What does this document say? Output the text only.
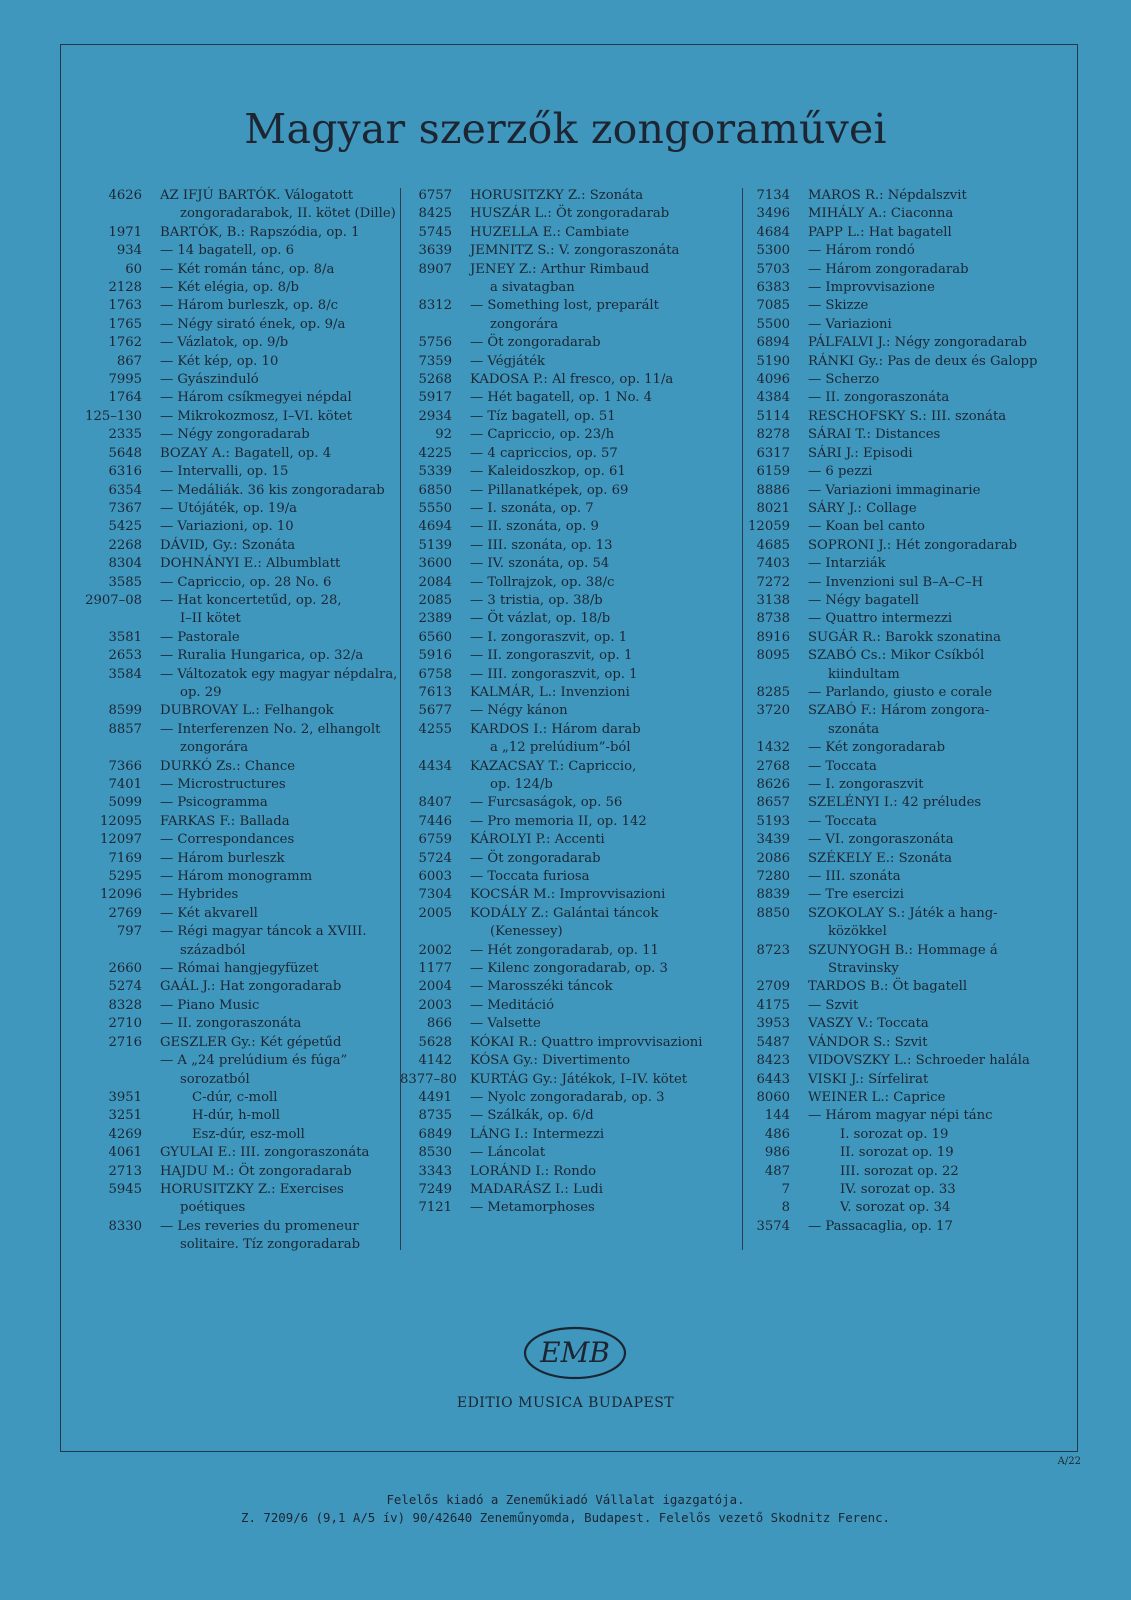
Magyar szerzők zongoraművei
4626	AZ IFJÚ BARTÓK. Válogatott
zongoradarabok, II. kötet (Dille)
1971	BARTÓK, B.: Rapszódia, op. 1
934	— 14 bagatell, op. 6
60	— Két román tánc, op. 8/a
2128	— Két elégia, op. 8/b
1763	— Három burleszk, op. 8/c
1765	— Négy sirató ének, op. 9/a
1762	— Vázlatok, op. 9/b
867	— Két kép, op. 10
7995	— Gyászinduló
1764	— Három csíkmegyei népdal
125–130	— Mikrokozmosz, I–VI. kötet
2335	— Négy zongoradarab
5648	BOZAY A.: Bagatell, op. 4
6316	— Intervalli, op. 15
6354	— Medáliák. 36 kis zongoradarab
7367	— Utójáték, op. 19/a
5425	— Variazioni, op. 10
2268	DÁVID, Gy.: Szonáta
8304	DOHNÁNYI E.: Albumblatt
3585	— Capriccio, op. 28 No. 6
2907–08	— Hat koncertetűd, op. 28,
I–II kötet
3581	— Pastorale
2653	— Ruralia Hungarica, op. 32/a
3584	— Változatok egy magyar népdalra,
op. 29
8599	DUBROVAY L.: Felhangok
8857	— Interferenzen No. 2, elhangolt
zongorára
7366	DURKÓ Zs.: Chance
7401	— Microstructures
5099	— Psicogramma
12095	FARKAS F.: Ballada
12097	— Correspondances
7169	— Három burleszk
5295	— Három monogramm
12096	— Hybrides
2769	— Két akvarell
797	— Régi magyar táncok a XVIII.
századból
2660	— Római hangjegyfüzet
5274	GAÁL J.: Hat zongoradarab
8328	— Piano Music
2710	— II. zongoraszonáta
2716	GESZLER Gy.: Két gépetűd
— A „24 prelúdium és fúga”
sorozatból
3951	C-dúr, c-moll
3251	H-dúr, h-moll
4269	Esz-dúr, esz-moll
4061	GYULAI E.: III. zongoraszonáta
2713	HAJDU M.: Öt zongoradarab
5945	HORUSITZKY Z.: Exercises
poétiques
8330	— Les reveries du promeneur
solitaire. Tíz zongoradarab
6757	HORUSITZKY Z.: Szonáta
8425	HUSZÁR L.: Öt zongoradarab
5745	HUZELLA E.: Cambiate
3639	JEMNITZ S.: V. zongoraszonáta
8907	JENEY Z.: Arthur Rimbaud
a sivatagban
8312	— Something lost, preparált
zongorára
5756	— Öt zongoradarab
7359	— Végjáték
5268	KADOSA P.: Al fresco, op. 11/a
5917	— Hét bagatell, op. 1 No. 4
2934	— Tíz bagatell, op. 51
92	— Capriccio, op. 23/h
4225	— 4 capriccios, op. 57
5339	— Kaleidoszkop, op. 61
6850	— Pillanatképek, op. 69
5550	— I. szonáta, op. 7
4694	— II. szonáta, op. 9
5139	— III. szonáta, op. 13
3600	— IV. szonáta, op. 54
2084	— Tollrajzok, op. 38/c
2085	— 3 tristia, op. 38/b
2389	— Öt vázlat, op. 18/b
6560	— I. zongoraszvit, op. 1
5916	— II. zongoraszvit, op. 1
6758	— III. zongoraszvit, op. 1
7613	KALMÁR, L.: Invenzioni
5677	— Négy kánon
4255	KARDOS I.: Három darab
a „12 prelúdium”-ból
4434	KAZACSAY T.: Capriccio,
op. 124/b
8407	— Furcsaságok, op. 56
7446	— Pro memoria II, op. 142
6759	KÁROLYI P.: Accenti
5724	— Öt zongoradarab
6003	— Toccata furiosa
7304	KOCSÁR M.: Improvvisazioni
2005	KODÁLY Z.: Galántai táncok
(Kenessey)
2002	— Hét zongoradarab, op. 11
1177	— Kilenc zongoradarab, op. 3
2004	— Marosszéki táncok
2003	— Meditáció
866	— Valsette
5628	KÓKAI R.: Quattro improvvisazioni
4142	KÓSA Gy.: Divertimento
8377–80 KURTÁG Gy.: Játékok, I–IV. kötet
4491	— Nyolc zongoradarab, op. 3
8735	— Szálkák, op. 6/d
6849	LÁNG I.: Intermezzi
8530	— Láncolat
3343	LORÁND I.: Rondo
7249	MADARÁSZ I.: Ludi
7121	— Metamorphoses
7134	MAROS R.: Népdalszvit
3496	MIHÁLY A.: Ciaconna
4684	PAPP L.: Hat bagatell
5300	— Három rondó
5703	— Három zongoradarab
6383	— Improvvisazione
7085	— Skizze
5500	— Variazioni
6894	PÁLFALVI J.: Négy zongoradarab
5190	RÁNKI Gy.: Pas de deux és Galopp
4096	— Scherzo
4384	— II. zongoraszonáta
5114	RESCHOFSKY S.: III. szonáta
8278	SÁRAI T.: Distances
6317	SÁRI J.: Episodi
6159	— 6 pezzi
8886	— Variazioni immaginarie
8021	SÁRY J.: Collage
12059	— Koan bel canto
4685	SOPRONI J.: Hét zongoradarab
7403	— Intarziák
7272	— Invenzioni sul B–A–C–H
3138	— Négy bagatell
8738	— Quattro intermezzi
8916	SUGÁR R.: Barokk szonatina
8095	SZABÓ Cs.: Mikor Csíkból
kiindultam
8285	— Parlando, giusto e corale
3720	SZABÓ F.: Három zongora-
szonáta
1432	— Két zongoradarab
2768	— Toccata
8626	— I. zongoraszvit
8657	SZELÉNYI I.: 42 préludes
5193	— Toccata
3439	— VI. zongoraszonáta
2086	SZÉKELY E.: Szonáta
7280	— III. szonáta
8839	— Tre esercizi
8850	SZOKOLAY S.: Játék a hang-
közökkel
8723	SZUNYOGH B.: Hommage á
Stravinsky
2709	TARDOS B.: Öt bagatell
4175	— Szvit
3953	VASZY V.: Toccata
5487	VÁNDOR S.: Szvit
8423	VIDOVSZKY L.: Schroeder halála
6443	VISKI J.: Sírfelirat
8060	WEINER L.: Caprice
144	— Három magyar népi tánc
486	I. sorozat op. 19
986	II. sorozat op. 19
487	III. sorozat op. 22
7	IV. sorozat op. 33
8	V. sorozat op. 34
3574	— Passacaglia, op. 17
EMB
EDITIO MUSICA BUDAPEST
A/22
Felelős kiadó a Zeneműkiadó Vállalat igazgatója.
Z. 7209/6 (9,1 A/5 ív) 90/42640 Zeneműnyomda, Budapest. Felelős vezető Skodnitz Ferenc.
